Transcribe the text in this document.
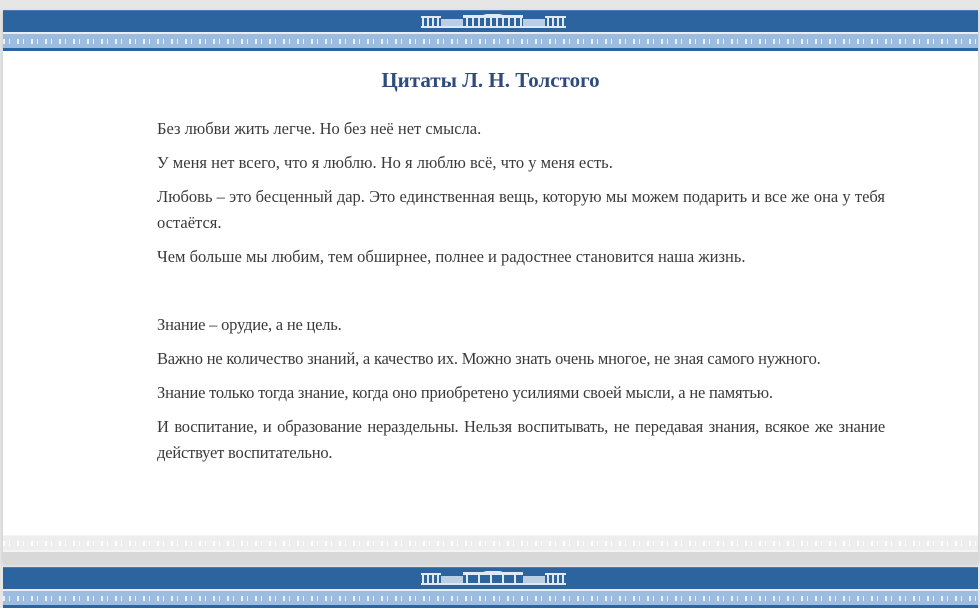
Цитаты Л. Н. Толстого

Без любви жить легче. Но без неё нет смысла.

У меня нет всего, что я люблю. Но я люблю всё, что у меня есть.

Любовь – это бесценный дар. Это единственная вещь, которую мы можем подарить и все же она у тебя остаётся.

Чем больше мы любим, тем обширнее, полнее и радостнее становится наша жизнь.

Знание – орудие, а не цель.

Важно не количество знаний, а качество их. Можно знать очень многое, не зная самого нужного.

Знание только тогда знание, когда оно приобретено усилиями своей мысли, а не памятью.

И воспитание, и образование нераздельны. Нельзя воспитывать, не передавая знания, всякое же знание действует воспитательно.
